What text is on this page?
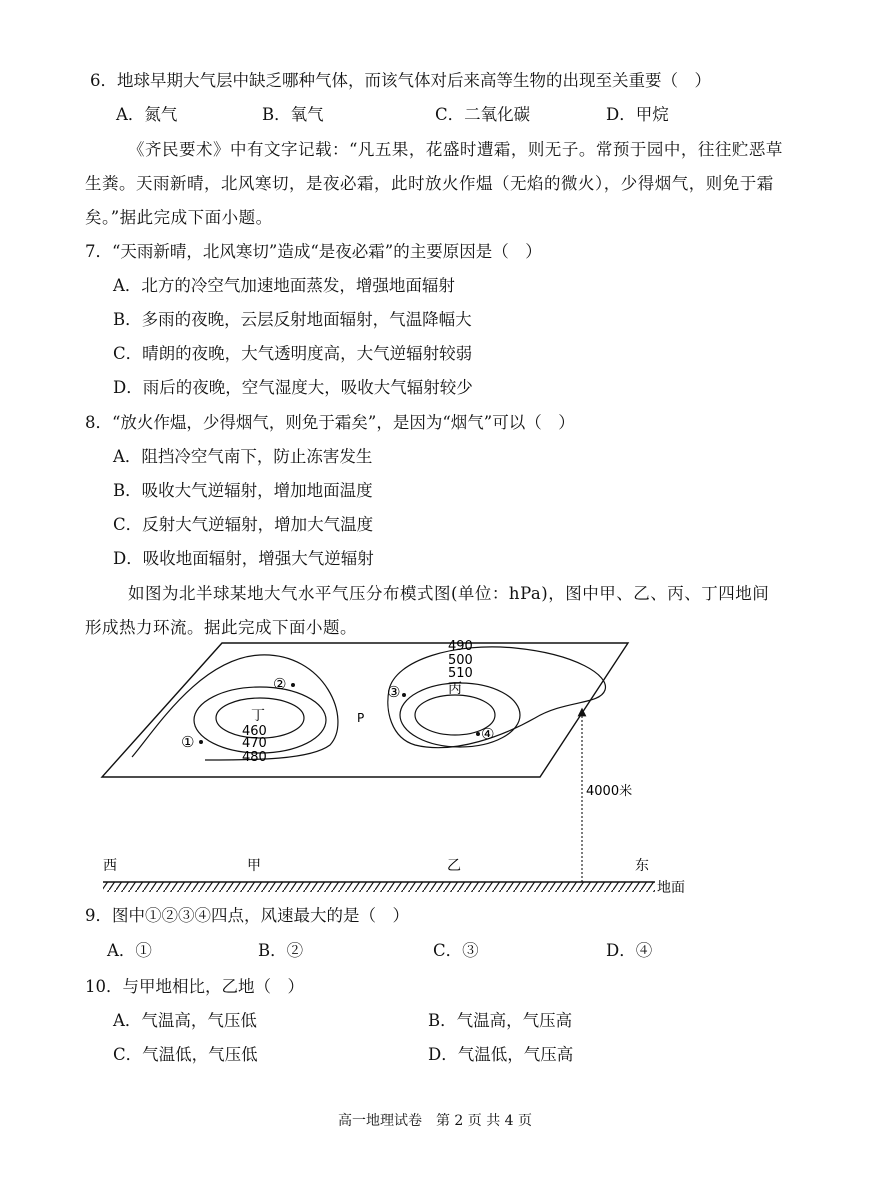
6．地球早期大气层中缺乏哪种气体，而该气体对后来高等生物的出现至关重要（　）
A．氮气	B．氧气	C．二氧化碳	D．甲烷
《齐民要术》中有文字记载：“凡五果，花盛时遭霜，则无子。常预于园中，往往贮恶草
生粪。天雨新晴，北风寒切，是夜必霜，此时放火作煴（无焰的微火），少得烟气，则免于霜
矣。”据此完成下面小题。
7．“天雨新晴，北风寒切”造成“是夜必霜”的主要原因是（　）
A．北方的冷空气加速地面蒸发，增强地面辐射
B．多雨的夜晚，云层反射地面辐射，气温降幅大
C．晴朗的夜晚，大气透明度高，大气逆辐射较弱
D．雨后的夜晚，空气湿度大，吸收大气辐射较少
8．“放火作煴，少得烟气，则免于霜矣”，是因为“烟气”可以（　）
A．阻挡冷空气南下，防止冻害发生
B．吸收大气逆辐射，增加地面温度
C．反射大气逆辐射，增加大气温度
D．吸收地面辐射，增强大气逆辐射
如图为北半球某地大气水平气压分布模式图(单位：hPa)，图中甲、乙、丙、丁四地间
形成热力环流。据此完成下面小题。
460
470
480
490
500
510
丁
丙
P
①
②	③
④
4000米
西	甲	乙	东
地面
9．图中①②③④四点，风速最大的是（　）
A．①	B．②	C．③	D．④
10．与甲地相比，乙地（　）
A．气温高，气压低	B．气温高，气压高
C．气温低，气压低	D．气温低，气压高
高一地理试卷　第 2 页 共 4 页
